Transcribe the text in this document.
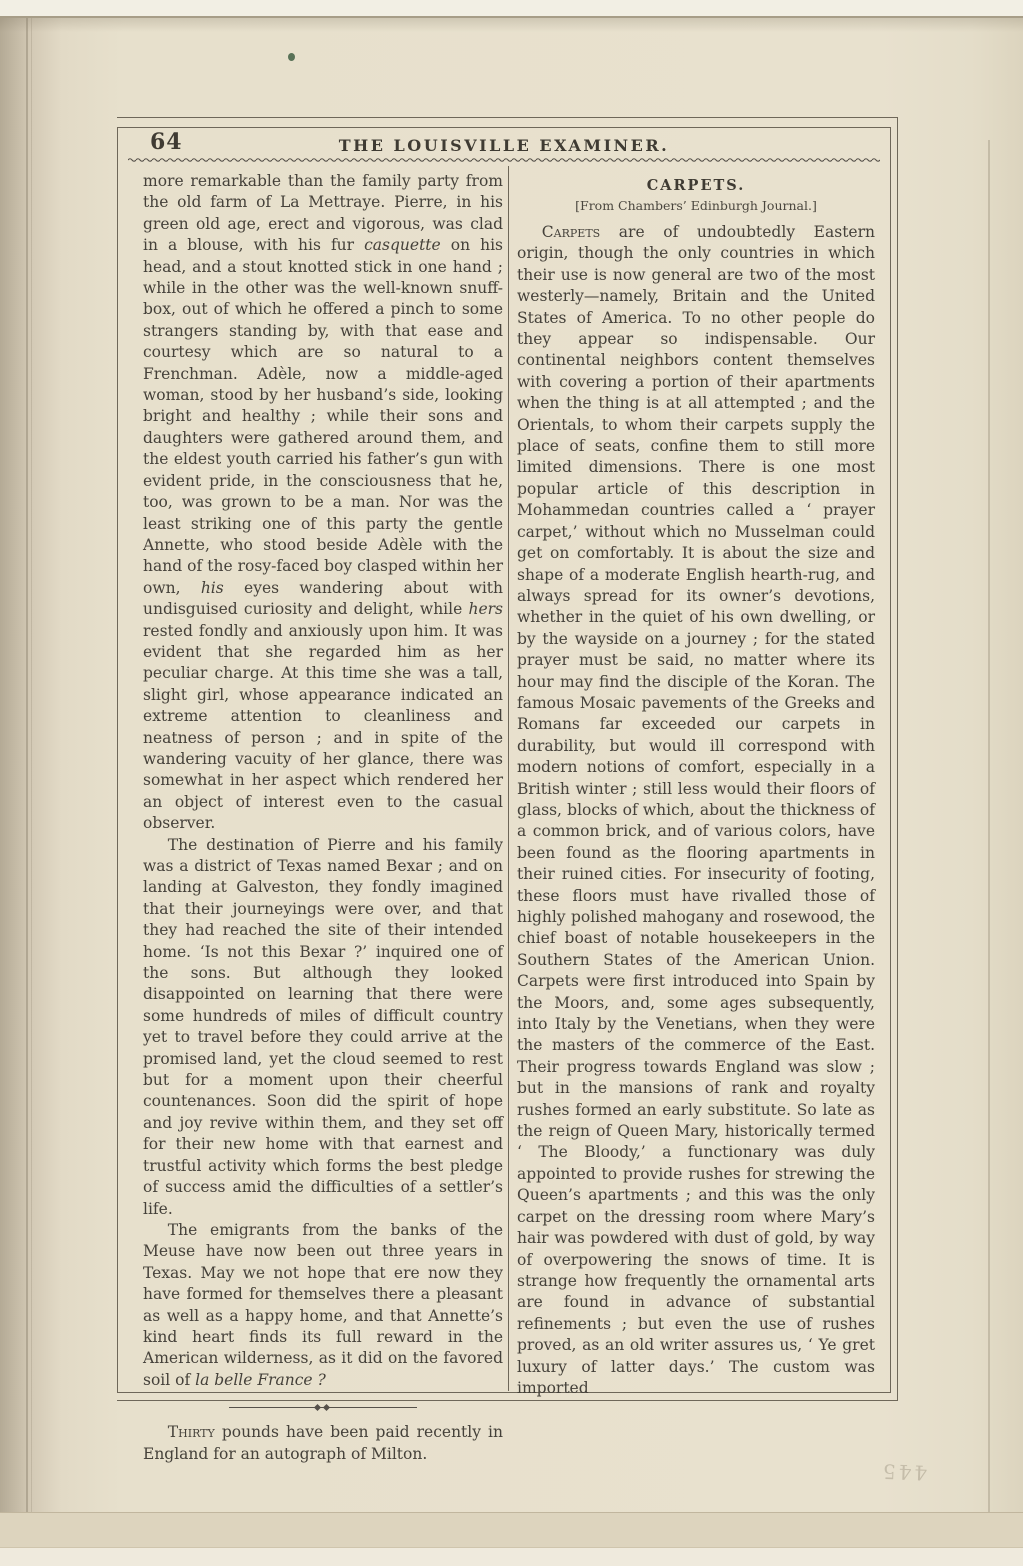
64	THE LOUISVILLE EXAMINER.

more remarkable than the family party from the old farm of La Mettraye. Pierre, in his green old age, erect and vigorous, was clad in a blouse, with his fur casquette on his head, and a stout knotted stick in one hand ; while in the other was the well-known snuff-box, out of which he offered a pinch to some strangers standing by, with that ease and courtesy which are so natural to a Frenchman. Adèle, now a middle-aged woman, stood by her husband’s side, looking bright and healthy ; while their sons and daughters were gathered around them, and the eldest youth carried his father’s gun with evident pride, in the consciousness that he, too, was grown to be a man. Nor was the least striking one of this party the gentle Annette, who stood beside Adèle with the hand of the rosy-faced boy clasped within her own, his eyes wandering about with undisguised curiosity and delight, while hers rested fondly and anxiously upon him. It was evident that she regarded him as her peculiar charge. At this time she was a tall, slight girl, whose appearance indicated an extreme attention to cleanliness and neatness of person ; and in spite of the wandering vacuity of her glance, there was somewhat in her aspect which rendered her an object of interest even to the casual observer.

The destination of Pierre and his family was a district of Texas named Bexar ; and on landing at Galveston, they fondly imagined that their journeyings were over, and that they had reached the site of their intended home. ‘Is not this Bexar ?’ inquired one of the sons. But although they looked disappointed on learning that there were some hundreds of miles of difficult country yet to travel before they could arrive at the promised land, yet the cloud seemed to rest but for a moment upon their cheerful countenances. Soon did the spirit of hope and joy revive within them, and they set off for their new home with that earnest and trustful activity which forms the best pledge of success amid the difficulties of a settler’s life.

The emigrants from the banks of the Meuse have now been out three years in Texas. May we not hope that ere now they have formed for themselves there a pleasant as well as a happy home, and that Annette’s kind heart finds its full reward in the American wilderness, as it did on the favored soil of la belle France ?

Thirty pounds have been paid recently in England for an autograph of Milton.

CARPETS.

[From Chambers’ Edinburgh Journal.]

Carpets are of undoubtedly Eastern origin, though the only countries in which their use is now general are two of the most westerly—namely, Britain and the United States of America. To no other people do they appear so indispensable. Our continental neighbors content themselves with covering a portion of their apartments when the thing is at all attempted ; and the Orientals, to whom their carpets supply the place of seats, confine them to still more limited dimensions. There is one most popular article of this description in Mohammedan countries called a ‘ prayer carpet,’ without which no Musselman could get on comfortably. It is about the size and shape of a moderate English hearth-rug, and always spread for its owner’s devotions, whether in the quiet of his own dwelling, or by the wayside on a journey ; for the stated prayer must be said, no matter where its hour may find the disciple of the Koran. The famous Mosaic pavements of the Greeks and Romans far exceeded our carpets in durability, but would ill correspond with modern notions of comfort, especially in a British winter ; still less would their floors of glass, blocks of which, about the thickness of a common brick, and of various colors, have been found as the flooring apartments in their ruined cities. For insecurity of footing, these floors must have rivalled those of highly polished mahogany and rosewood, the chief boast of notable housekeepers in the Southern States of the American Union. Carpets were first introduced into Spain by the Moors, and, some ages subsequently, into Italy by the Venetians, when they were the masters of the commerce of the East. Their progress towards England was slow ; but in the mansions of rank and royalty rushes formed an early substitute. So late as the reign of Queen Mary, historically termed ‘ The Bloody,’ a functionary was duly appointed to provide rushes for strewing the Queen’s apartments ; and this was the only carpet on the dressing room where Mary’s hair was powdered with dust of gold, by way of overpowering the snows of time. It is strange how frequently the ornamental arts are found in advance of substantial refinements ; but even the use of rushes proved, as an old writer assures us, ‘ Ye gret luxury of latter days.’ The custom was imported

445
